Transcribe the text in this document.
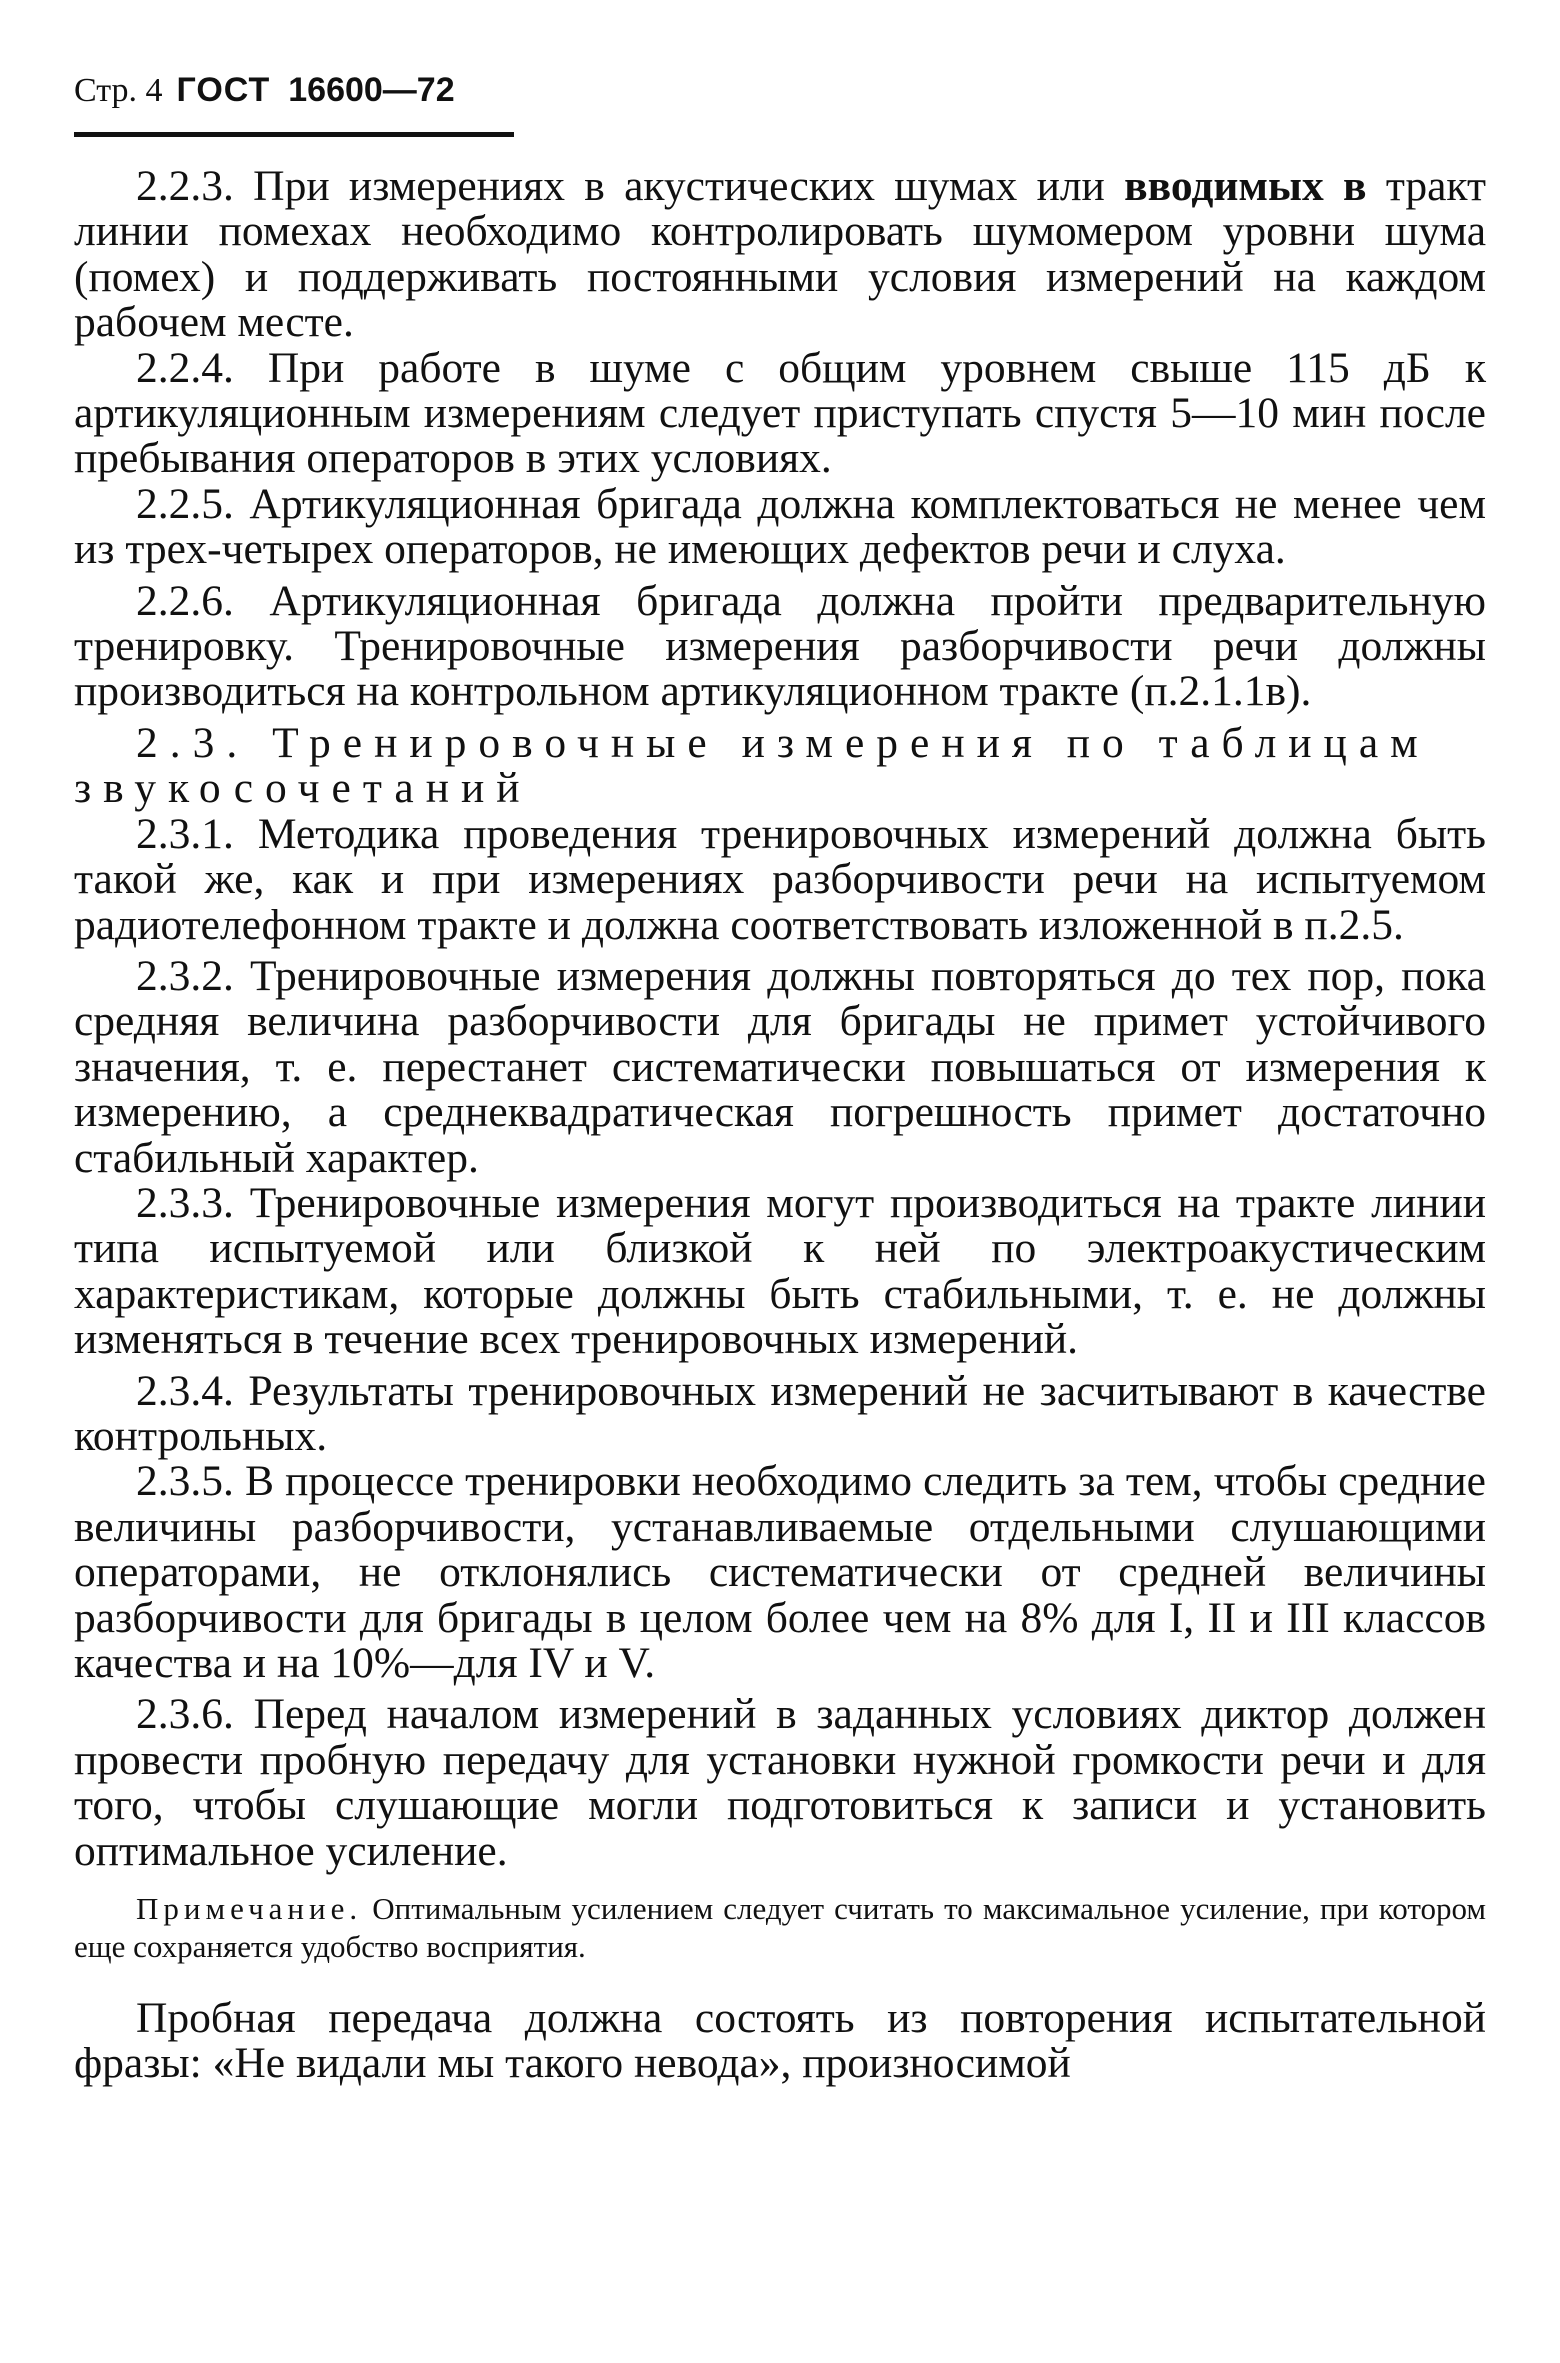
Стр. 4 ГОСТ 16600—72

2.2.3. При измерениях в акустических шумах или вводимых в тракт линии помехах необходимо контролировать шумомером уровни шума (помех) и поддерживать постоянными условия измерений на каждом рабочем месте.

2.2.4. При работе в шуме с общим уровнем свыше 115 дБ к артикуляционным измерениям следует приступать спустя 5—10 мин после пребывания операторов в этих условиях.

2.2.5. Артикуляционная бригада должна комплектоваться не менее чем из трех-четырех операторов, не имеющих дефектов речи и слуха.

2.2.6. Артикуляционная бригада должна пройти предварительную тренировку. Тренировочные измерения разборчивости речи должны производиться на контрольном артикуляционном тракте (п.2.1.1в).

2.3. Тренировочные измерения по таблицам звукосочетаний

2.3.1. Методика проведения тренировочных измерений должна быть такой же, как и при измерениях разборчивости речи на испытуемом радиотелефонном тракте и должна соответствовать изложенной в п.2.5.

2.3.2. Тренировочные измерения должны повторяться до тех пор, пока средняя величина разборчивости для бригады не примет устойчивого значения, т. е. перестанет систематически повышаться от измерения к измерению, а среднеквадратическая погрешность примет достаточно стабильный характер.

2.3.3. Тренировочные измерения могут производиться на тракте линии типа испытуемой или близкой к ней по электроакустическим характеристикам, которые должны быть стабильными, т. е. не должны изменяться в течение всех тренировочных измерений.

2.3.4. Результаты тренировочных измерений не засчитывают в качестве контрольных.

2.3.5. В процессе тренировки необходимо следить за тем, чтобы средние величины разборчивости, устанавливаемые отдельными слушающими операторами, не отклонялись систематически от средней величины разборчивости для бригады в целом более чем на 8% для I, II и III классов качества и на 10%—для IV и V.

2.3.6. Перед началом измерений в заданных условиях диктор должен провести пробную передачу для установки нужной громкости речи и для того, чтобы слушающие могли подготовиться к записи и установить оптимальное усиление.

Примечание. Оптимальным усилением следует считать то максимальное усиление, при котором еще сохраняется удобство восприятия.

Пробная передача должна состоять из повторения испытательной фразы: «Не видали мы такого невода», произносимой
